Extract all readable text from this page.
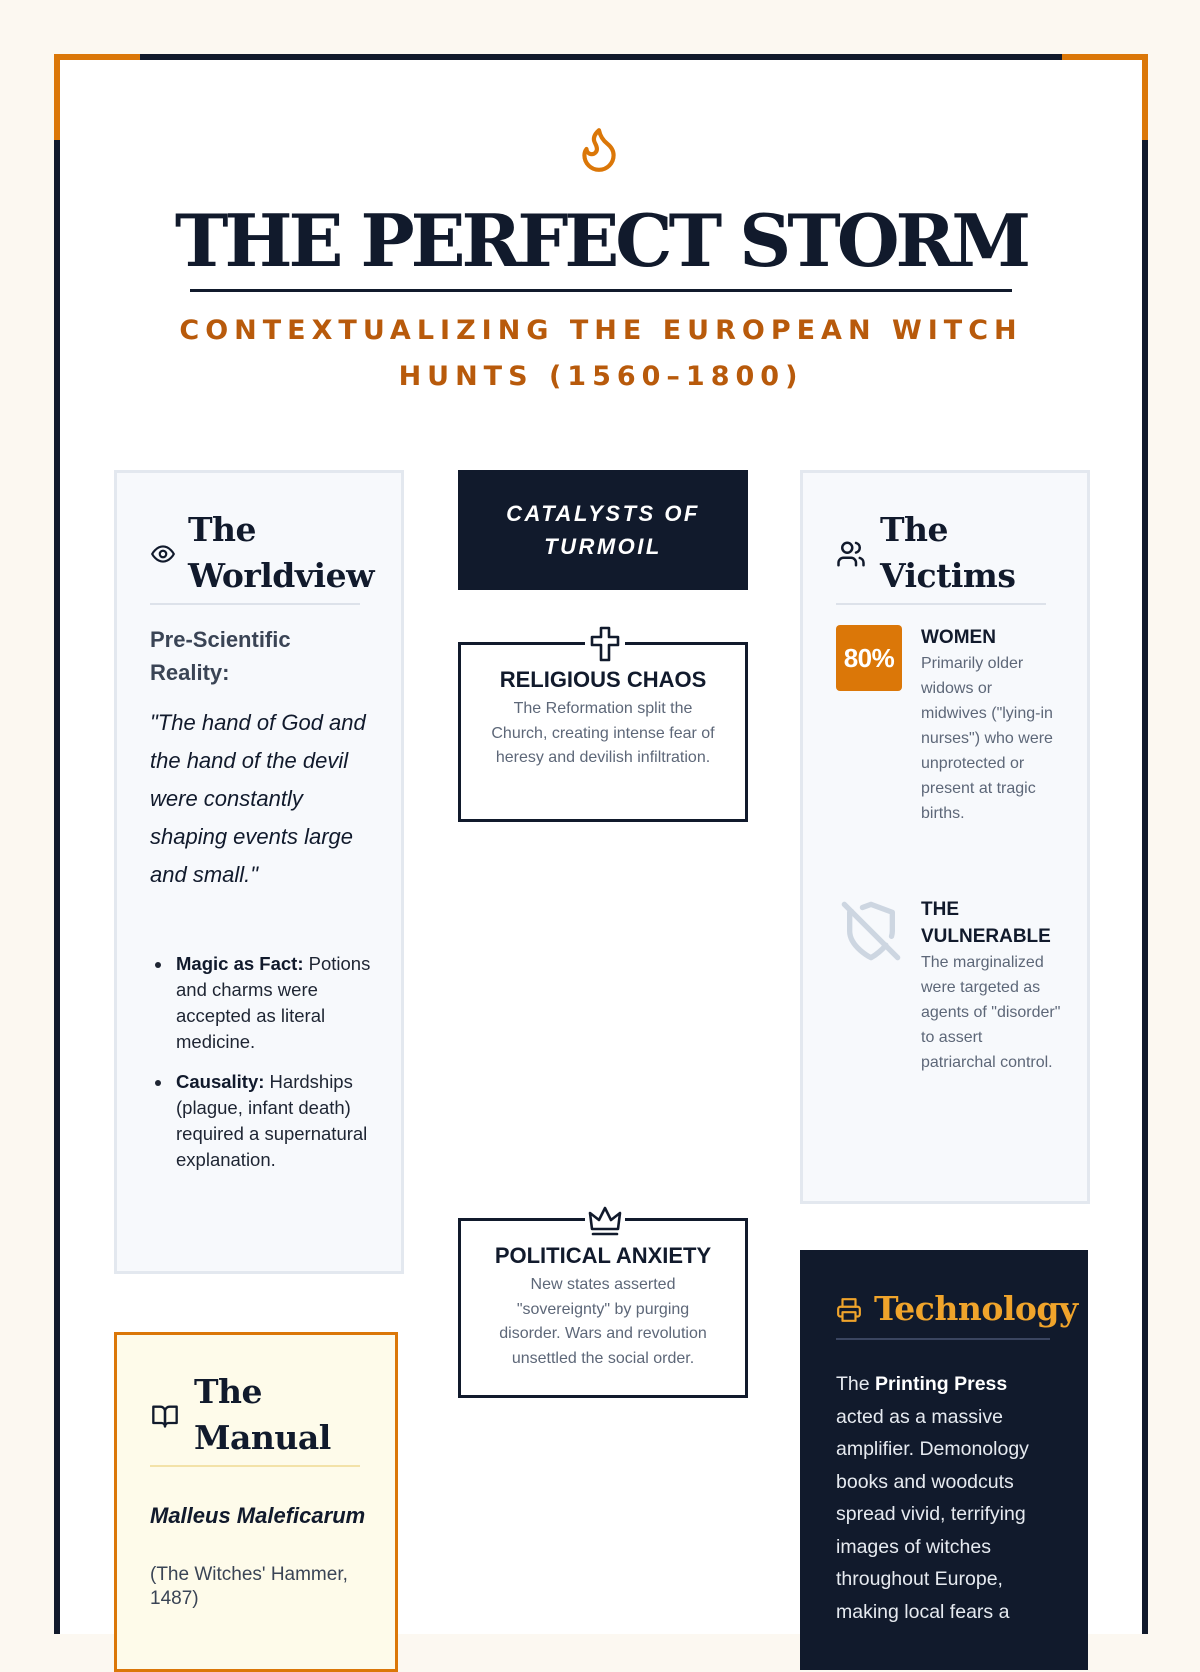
THE PERFECT STORM
CONTEXTUALIZING THE EUROPEAN WITCH HUNTS (1560–1800)
The
Worldview
Pre-Scientific Reality:
"The hand of God and the hand of the devil were constantly shaping events large and small."
Magic as Fact: Potions and charms were accepted as literal medicine.
Causality: Hardships (plague, infant death) required a supernatural explanation.
The
Manual
Malleus Maleficarum
(The Witches' Hammer, 1487)
CATALYSTS OF TURMOIL
RELIGIOUS CHAOS
The Reformation split the Church, creating intense fear of heresy and devilish infiltration.
POLITICAL ANXIETY
New states asserted "sovereignty" by purging disorder. Wars and revolution unsettled the social order.
The
Victims
80%
WOMEN
Primarily older widows or midwives ("lying-in nurses") who were unprotected or present at tragic births.
THE VULNERABLE
The marginalized were targeted as agents of "disorder" to assert patriarchal control.
Technology
The Printing Press acted as a massive amplifier. Demonology books and woodcuts spread vivid, terrifying images of witches throughout Europe, making local fears a
